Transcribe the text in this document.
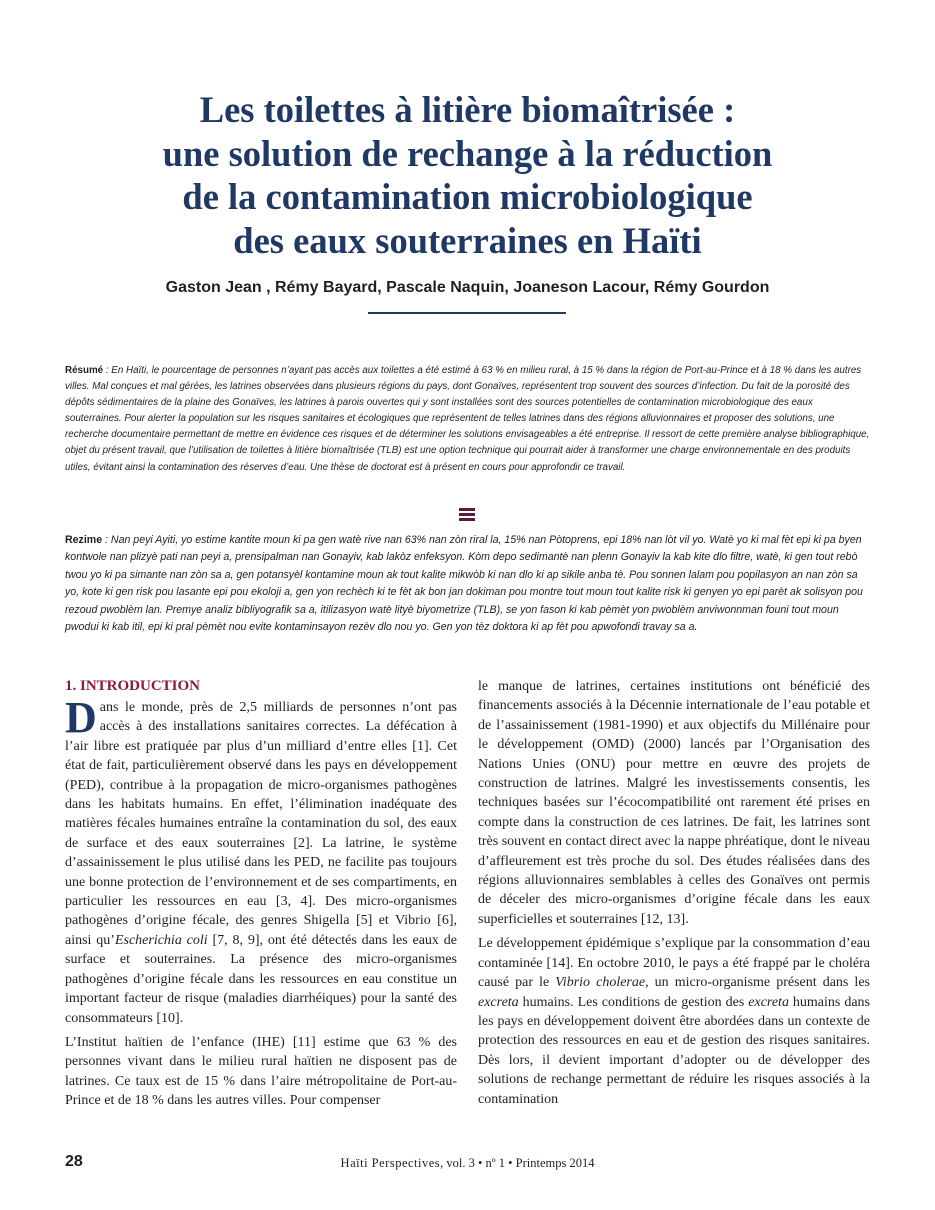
Les toilettes à litière biomaîtrisée :
une solution de rechange à la réduction
de la contamination microbiologique
des eaux souterraines en Haïti
Gaston Jean , Rémy Bayard, Pascale Naquin, Joaneson Lacour, Rémy Gourdon

Résumé : En Haïti, le pourcentage de personnes n’ayant pas accès aux toilettes a été estimé à 63 % en milieu rural, à 15 % dans la région de Port-au-Prince et à 18 % dans les autres villes. Mal conçues et mal gérées, les latrines observées dans plusieurs régions du pays, dont Gonaïves, représentent trop souvent des sources d’infection. Du fait de la porosité des dépôts sédimentaires de la plaine des Gonaïves, les latrines à parois ouvertes qui y sont installées sont des sources potentielles de contamination microbiologique des eaux souterraines. Pour alerter la population sur les risques sanitaires et écologiques que représentent de telles latrines dans des régions alluvionnaires et proposer des solutions, une recherche documentaire permettant de mettre en évidence ces risques et de déterminer les solutions envisageables a été entreprise. Il ressort de cette première analyse bibliographique, objet du présent travail, que l’utilisation de toilettes à litière biomaîtrisée (TLB) est une option technique qui pourrait aider à transformer une charge environnementale en des produits utiles, évitant ainsi la contamination des réserves d’eau. Une thèse de doctorat est à présent en cours pour approfondir ce travail.

Rezime : Nan peyi Ayiti, yo estime kantite moun ki pa gen watè rive nan 63% nan zòn riral la, 15% nan Pòtoprens, epi 18% nan lòt vil yo. Watè yo ki mal fèt epi ki pa byen kontwole nan plizyè pati nan peyi a, prensipalman nan Gonayiv, kab lakòz enfeksyon. Kòm depo sedimantè nan plenn Gonayiv la kab kite dlo filtre, watè, ki gen tout rebò twou yo ki pa simante nan zòn sa a, gen potansyèl kontamine moun ak tout kalite mikwòb ki nan dlo ki ap sikile anba tè. Pou sonnen lalam pou popilasyon an nan zòn sa yo, kote ki gen risk pou lasante epi pou ekoloji a, gen yon rechèch ki te fèt ak bon jan dokiman pou montre tout moun tout kalite risk ki genyen yo epi parèt ak solisyon pou rezoud pwoblèm lan. Premye analiz bibliyografik sa a, itilizasyon watè lityè biyometrize (TLB), se yon fason ki kab pèmèt yon pwoblèm anviwonnman founi tout moun pwodui ki kab itil, epi ki pral pèmèt nou evite kontaminsayon rezèv dlo nou yo. Gen yon tèz doktora ki ap fèt pou apwofondi travay sa a.

1. INTRODUCTION

Dans le monde, près de 2,5 milliards de personnes n’ont pas accès à des installations sanitaires correctes. La défécation à l’air libre est pratiquée par plus d’un milliard d’entre elles [1]. Cet état de fait, particulièrement observé dans les pays en développement (PED), contribue à la propagation de micro-organismes pathogènes dans les habitats humains. En effet, l’élimination inadéquate des matières fécales humaines entraîne la contamination du sol, des eaux de surface et des eaux souterraines [2]. La latrine, le système d’assainissement le plus utilisé dans les PED, ne facilite pas toujours une bonne protection de l’environnement et de ses compartiments, en particulier les ressources en eau [3, 4]. Des micro-organismes pathogènes d’origine fécale, des genres Shigella [5] et Vibrio [6], ainsi qu’Escherichia coli [7, 8, 9], ont été détectés dans les eaux de surface et souterraines. La présence des micro-organismes pathogènes d’origine fécale dans les ressources en eau constitue un important facteur de risque (maladies diarrhéiques) pour la santé des consommateurs [10].

L’Institut haïtien de l’enfance (IHE) [11] estime que 63 % des personnes vivant dans le milieu rural haïtien ne disposent pas de latrines. Ce taux est de 15 % dans l’aire métropolitaine de Port-au-Prince et de 18 % dans les autres villes. Pour compenser

le manque de latrines, certaines institutions ont bénéficié des financements associés à la Décennie internationale de l’eau potable et de l’assainissement (1981-1990) et aux objectifs du Millénaire pour le développement (OMD) (2000) lancés par l’Organisation des Nations Unies (ONU) pour mettre en œuvre des projets de construction de latrines. Malgré les investissements consentis, les techniques basées sur l’écocompatibilité ont rarement été prises en compte dans la construction de ces latrines. De fait, les latrines sont très souvent en contact direct avec la nappe phréatique, dont le niveau d’affleurement est très proche du sol. Des études réalisées dans des régions alluvionnaires semblables à celles des Gonaïves ont permis de déceler des micro-organismes d’origine fécale dans les eaux superficielles et souterraines [12, 13].

Le développement épidémique s’explique par la consommation d’eau contaminée [14]. En octobre 2010, le pays a été frappé par le choléra causé par le Vibrio cholerae, un micro-organisme présent dans les excreta humains. Les conditions de gestion des excreta humains dans les pays en développement doivent être abordées dans un contexte de protection des ressources en eau et de gestion des risques sanitaires. Dès lors, il devient important d’adopter ou de développer des solutions de rechange permettant de réduire les risques associés à la contamination

28	Haïti Perspectives, vol. 3 • nº 1 • Printemps 2014
